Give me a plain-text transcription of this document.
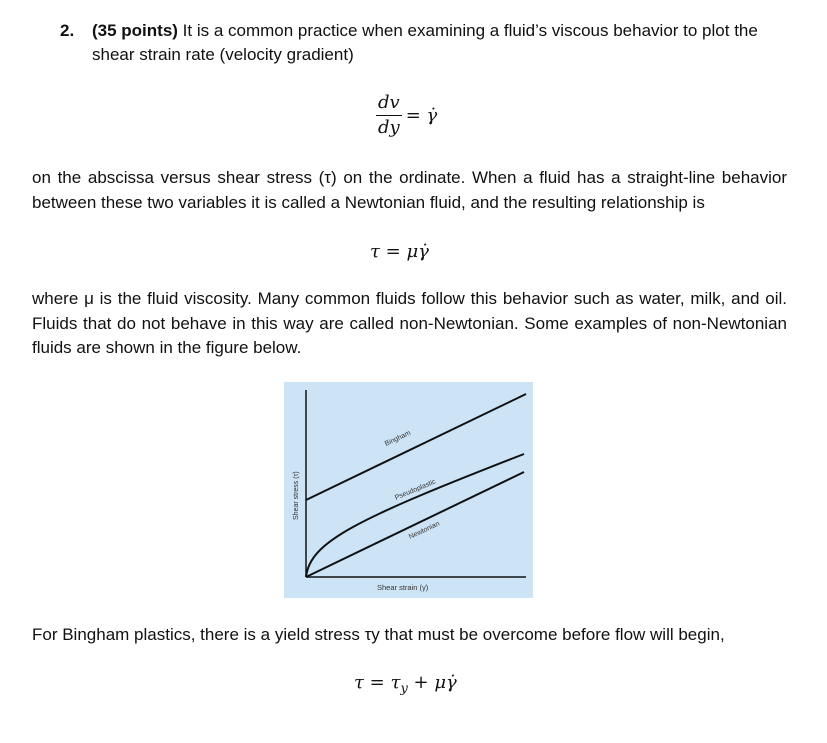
2. (35 points) It is a common practice when examining a fluid’s viscous behavior to plot the shear strain rate (velocity gradient)
$\frac{dv}{dy}$ = γ̇
on the abscissa versus shear stress (τ) on the ordinate. When a fluid has a straight-line behavior between these two variables it is called a Newtonian fluid, and the resulting relationship is
τ = μγ̇
where μ is the fluid viscosity. Many common fluids follow this behavior such as water, milk, and oil. Fluids that do not behave in this way are called non-Newtonian. Some examples of non-Newtonian fluids are shown in the figure below.
Bingham
Pseudoplastic
Newtonian
Shear stress (τ)
Shear strain (γ̇)
For Bingham plastics, there is a yield stress τy that must be overcome before flow will begin,
$\tau = \tau_y$ + μγ̇
